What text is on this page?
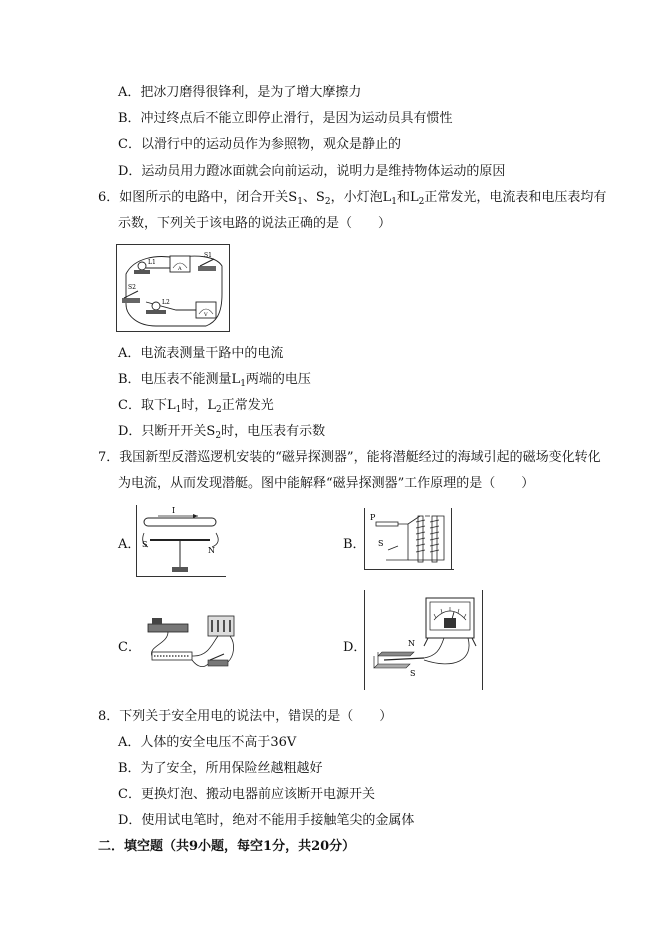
A．把冰刀磨得很锋利，是为了增大摩擦力
B．冲过终点后不能立即停止滑行，是因为运动员具有惯性
C．以滑行中的运动员作为参照物，观众是静止的
D．运动员用力蹬冰面就会向前运动，说明力是维持物体运动的原因
6．如图所示的电路中，闭合开关$S_1$、$S_2$，小灯泡$L_1$和$L_2$正常发光，电流表和电压表均有
示数，下列关于该电路的说法正确的是（　　）
L1
A
S1
S2
L2
V
A．电流表测量干路中的电流
B．电压表不能测量$L_1$两端的电压
C．取下$L_1$时，$L_2$正常发光
D．只断开开关$S_2$时，电压表有示数
7．我国新型反潜巡逻机安装的“磁异探测器”，能将潜艇经过的海域引起的磁场变化转化
为电流，从而发现潜艇。图中能解释“磁异探测器”工作原理的是（　　）
A．
I
S
N	B．
P
S
C．	D．	N
S
8．下列关于安全用电的说法中，错误的是（　　）
A．人体的安全电压不高于36V
B．为了安全，所用保险丝越粗越好
C．更换灯泡、搬动电器前应该断开电源开关
D．使用试电笔时，绝对不能用手接触笔尖的金属体
二．填空题（共9小题，每空1分，共20分）
